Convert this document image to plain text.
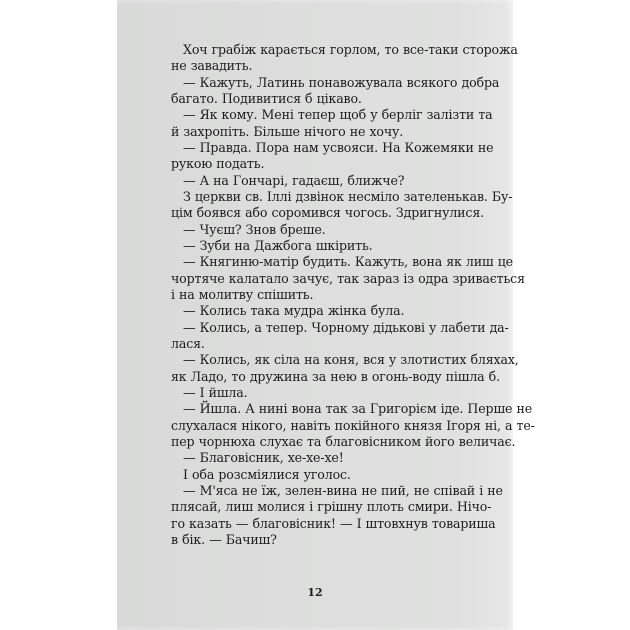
Хоч грабіж карається горлом, то все-таки сторожа
не завадить.
— Кажуть, Латинь понавожувала всякого добра
багато. Подивитися б цікаво.
— Як кому. Мені тепер щоб у берліг залізти та
й захропіть. Більше нічого не хочу.
— Правда. Пора нам усвояси. На Кожемяки не
рукою подать.
— А на Гончарі, гадаєш, ближче?
З церкви св. Іллі дзвінок несміло зателенькав. Бу-
цім боявся або соромився чогось. Здригнулися.
— Чуєш? Знов бреше.
— Зуби на Дажбога шкірить.
— Княгиню-матір будить. Кажуть, вона як лиш це
чортяче калатало зачує, так зараз із одра зривається
і на молитву спішить.
— Колись така мудра жінка була.
— Колись, а тепер. Чорному дідькові у лабети да-
лася.
— Колись, як сіла на коня, вся у злотистих бляхах,
як Ладо, то дружина за нею в огонь-воду пішла б.
— І йшла.
— Йшла. А нині вона так за Григорієм іде. Перше не
слухалася нікого, навіть покійного князя Ігоря ні, а те-
пер чорнюха слухає та благовісником його величає.
— Благовісник, хе-хе-хе!
І оба розсміялися уголос.
— М'яса не їж, зелен-вина не пий, не співай і не
плясай, лиш молися і грішну плоть смири. Нічо-
го казать — благовісник! — І штовхнув товариша
в бік. — Бачиш?
12
